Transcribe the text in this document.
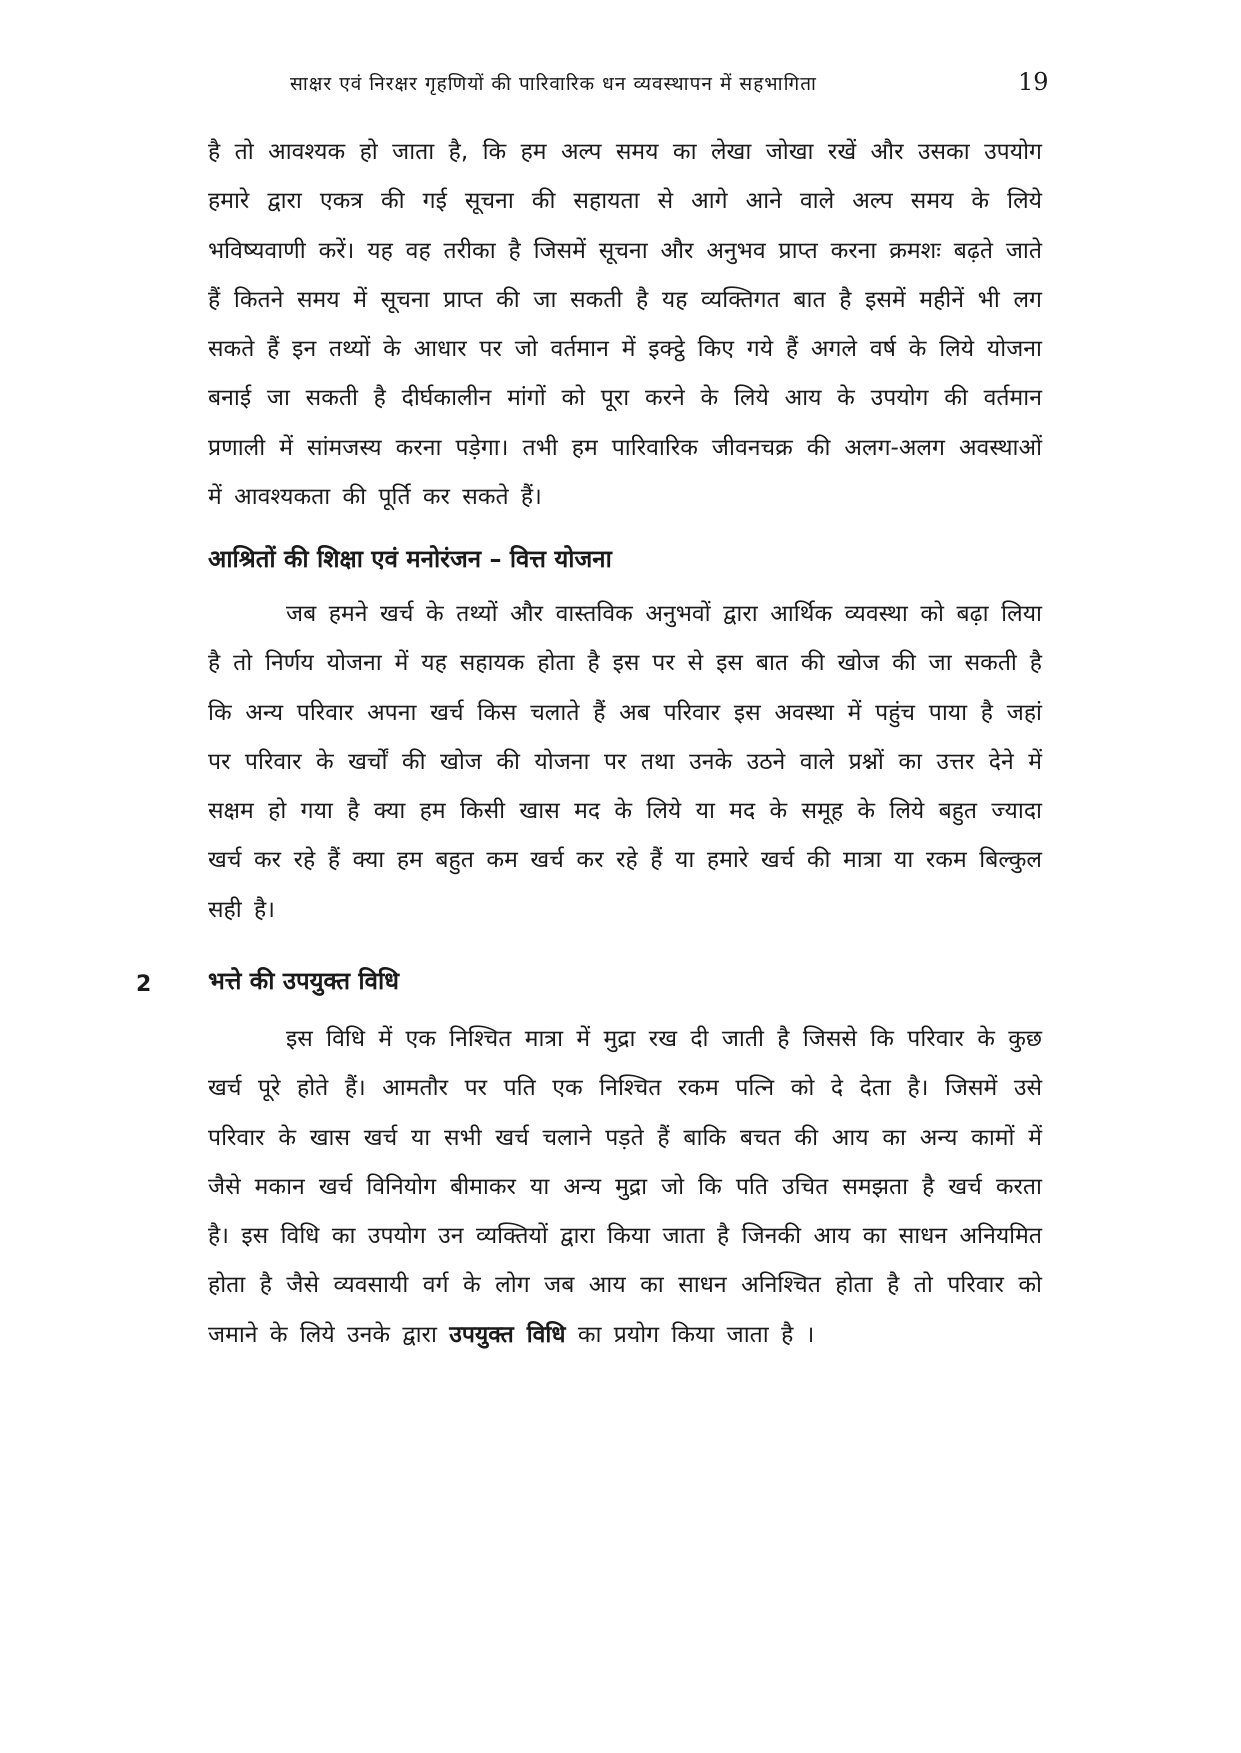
साक्षर एवं निरक्षर गृहणियों की पारिवारिक धन व्यवस्थापन में सहभागिता	19

है तो आवश्यक हो जाता है, कि हम अल्प समय का लेखा जोखा रखें और उसका उपयोग हमारे द्वारा एकत्र की गई सूचना की सहायता से आगे आने वाले अल्प समय के लिये भविष्यवाणी करें। यह वह तरीका है जिसमें सूचना और अनुभव प्राप्त करना क्रमशः बढ़ते जाते हैं कितने समय में सूचना प्राप्त की जा सकती है यह व्यक्तिगत बात है इसमें महीनें भी लग सकते हैं इन तथ्यों के आधार पर जो वर्तमान में इक्ट्ठे किए गये हैं अगले वर्ष के लिये योजना बनाई जा सकती है दीर्घकालीन मांगों को पूरा करने के लिये आय के उपयोग की वर्तमान प्रणाली में सांमजस्य करना पड़ेगा। तभी हम पारिवारिक जीवनचक्र की अलग-अलग अवस्थाओं में आवश्यकता की पूर्ति कर सकते हैं।

आश्रितों की शिक्षा एवं मनोरंजन – वित्त योजना

जब हमने खर्च के तथ्यों और वास्तविक अनुभवों द्वारा आर्थिक व्यवस्था को बढ़ा लिया है तो निर्णय योजना में यह सहायक होता है इस पर से इस बात की खोज की जा सकती है कि अन्य परिवार अपना खर्च किस चलाते हैं अब परिवार इस अवस्था में पहुंच पाया है जहां पर परिवार के खर्चों की खोज की योजना पर तथा उनके उठने वाले प्रश्नों का उत्तर देने में सक्षम हो गया है क्या हम किसी खास मद के लिये या मद के समूह के लिये बहुत ज्यादा खर्च कर रहे हैं क्या हम बहुत कम खर्च कर रहे हैं या हमारे खर्च की मात्रा या रकम बिल्कुल सही है।

2 भत्ते की उपयुक्त विधि

इस विधि में एक निश्चित मात्रा में मुद्रा रख दी जाती है जिससे कि परिवार के कुछ खर्च पूरे होते हैं। आमतौर पर पति एक निश्चित रकम पत्नि को दे देता है। जिसमें उसे परिवार के खास खर्च या सभी खर्च चलाने पड़ते हैं बाकि बचत की आय का अन्य कामों में जैसे मकान खर्च विनियोग बीमाकर या अन्य मुद्रा जो कि पति उचित समझता है खर्च करता है। इस विधि का उपयोग उन व्यक्तियों द्वारा किया जाता है जिनकी आय का साधन अनियमित होता है जैसे व्यवसायी वर्ग के लोग जब आय का साधन अनिश्चित होता है तो परिवार को जमाने के लिये उनके द्वारा उपयुक्त विधि का प्रयोग किया जाता है ।
